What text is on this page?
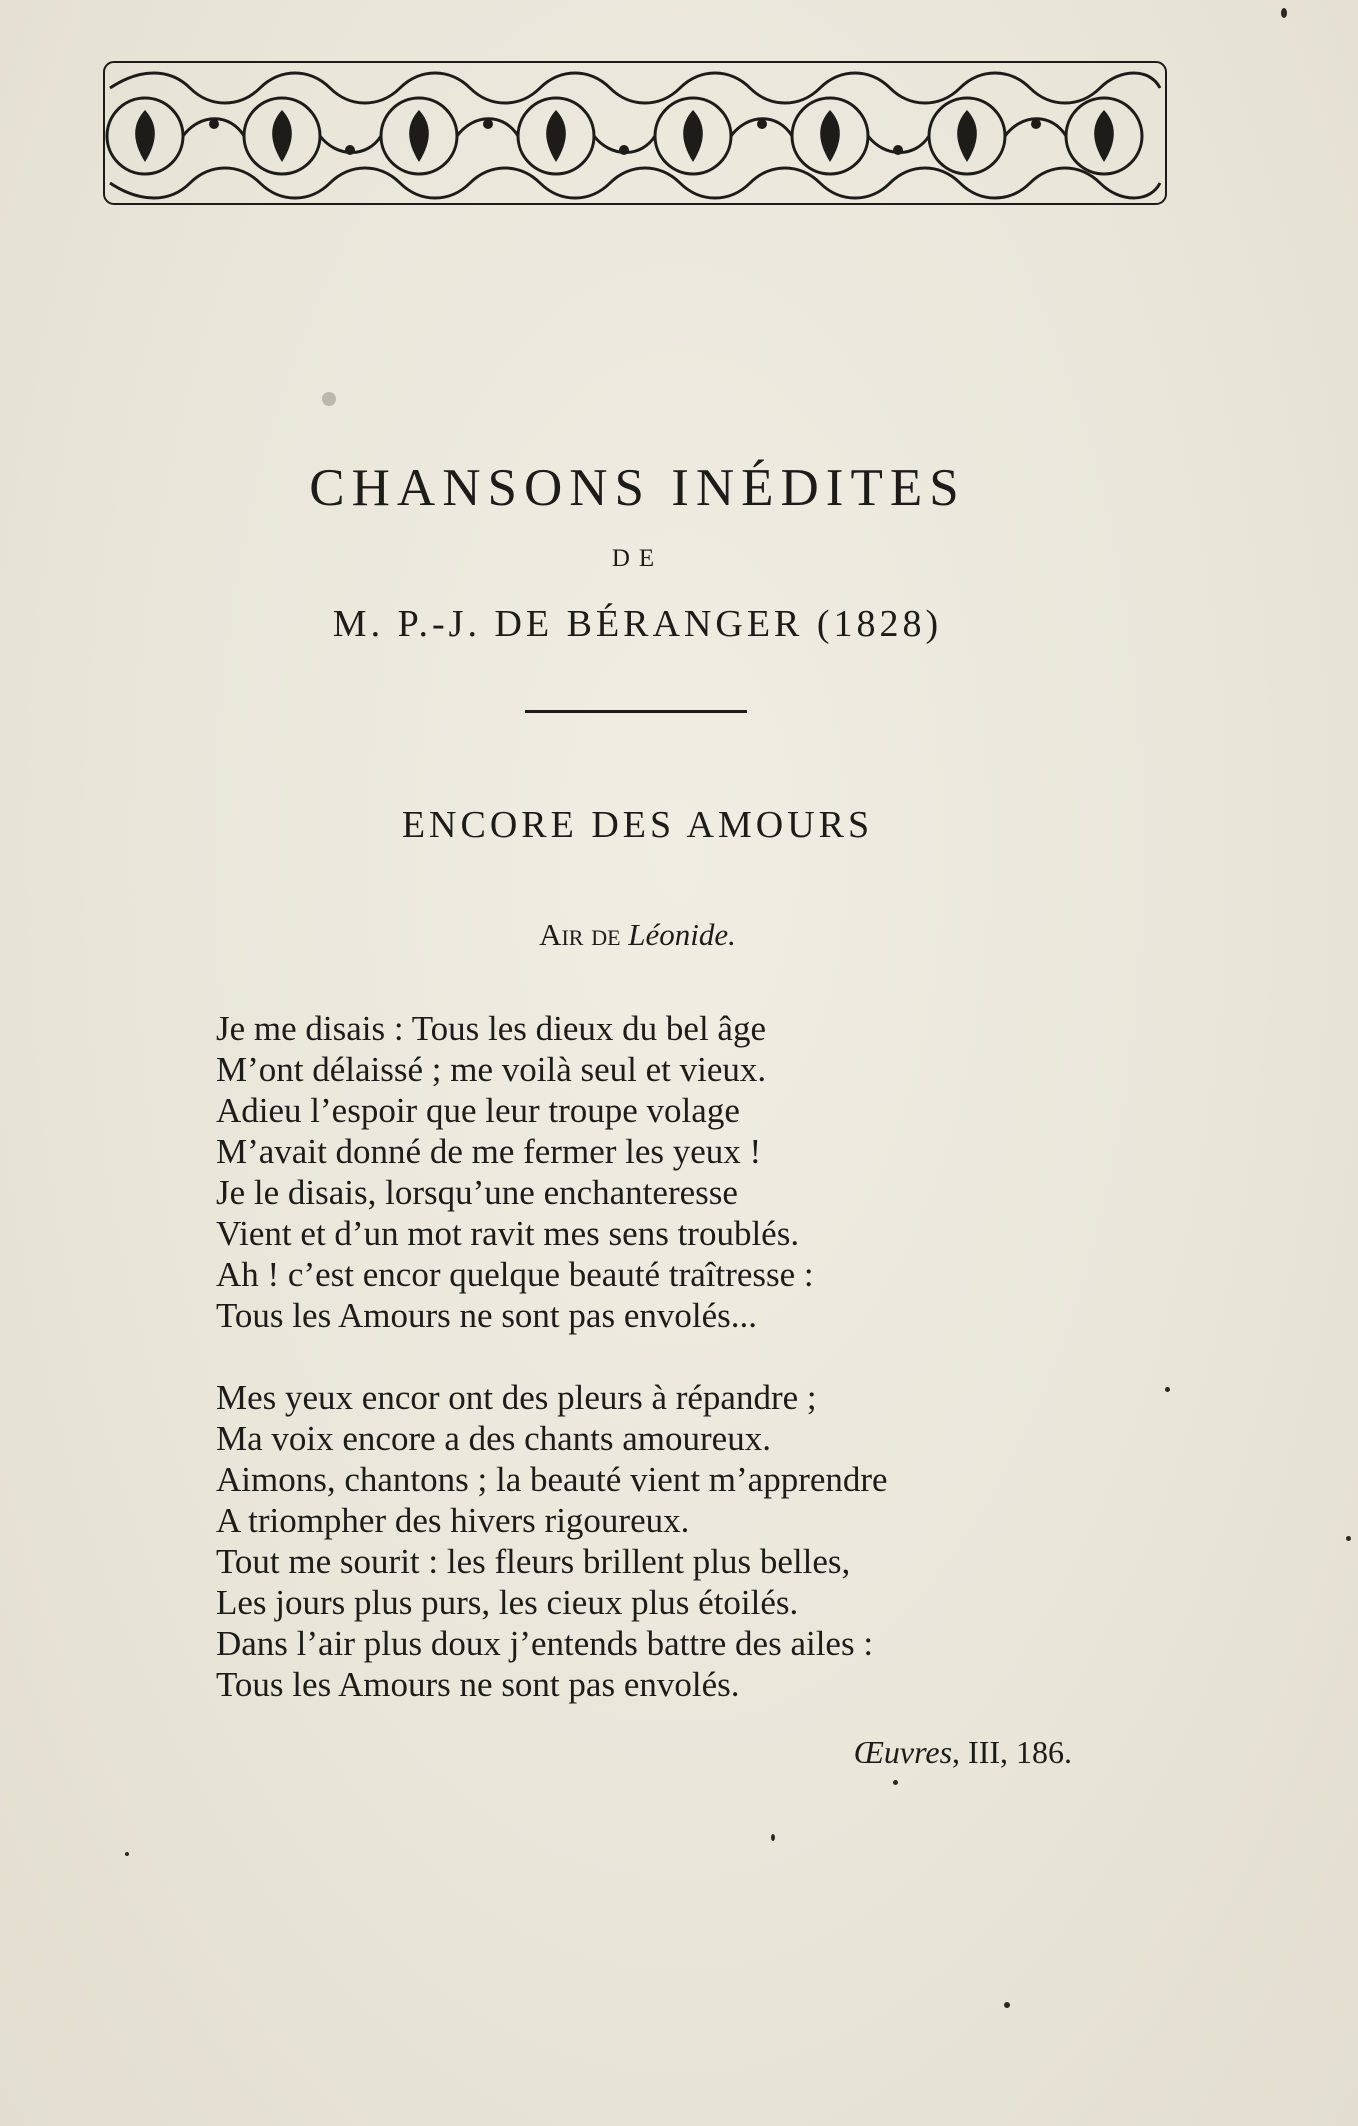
CHANSONS INÉDITES
DE
M. P.-J. DE BÉRANGER (1828)
ENCORE DES AMOURS
Air de Léonide.
Je me disais : Tous les dieux du bel âge
M’ont délaissé ; me voilà seul et vieux.
Adieu l’espoir que leur troupe volage
M’avait donné de me fermer les yeux !
Je le disais, lorsqu’une enchanteresse
Vient et d’un mot ravit mes sens troublés.
Ah ! c’est encor quelque beauté traîtresse :
Tous les Amours ne sont pas envolés...
Mes yeux encor ont des pleurs à répandre ;
Ma voix encore a des chants amoureux.
Aimons, chantons ; la beauté vient m’apprendre
A triompher des hivers rigoureux.
Tout me sourit : les fleurs brillent plus belles,
Les jours plus purs, les cieux plus étoilés.
Dans l’air plus doux j’entends battre des ailes :
Tous les Amours ne sont pas envolés.
Œuvres, III, 186.
